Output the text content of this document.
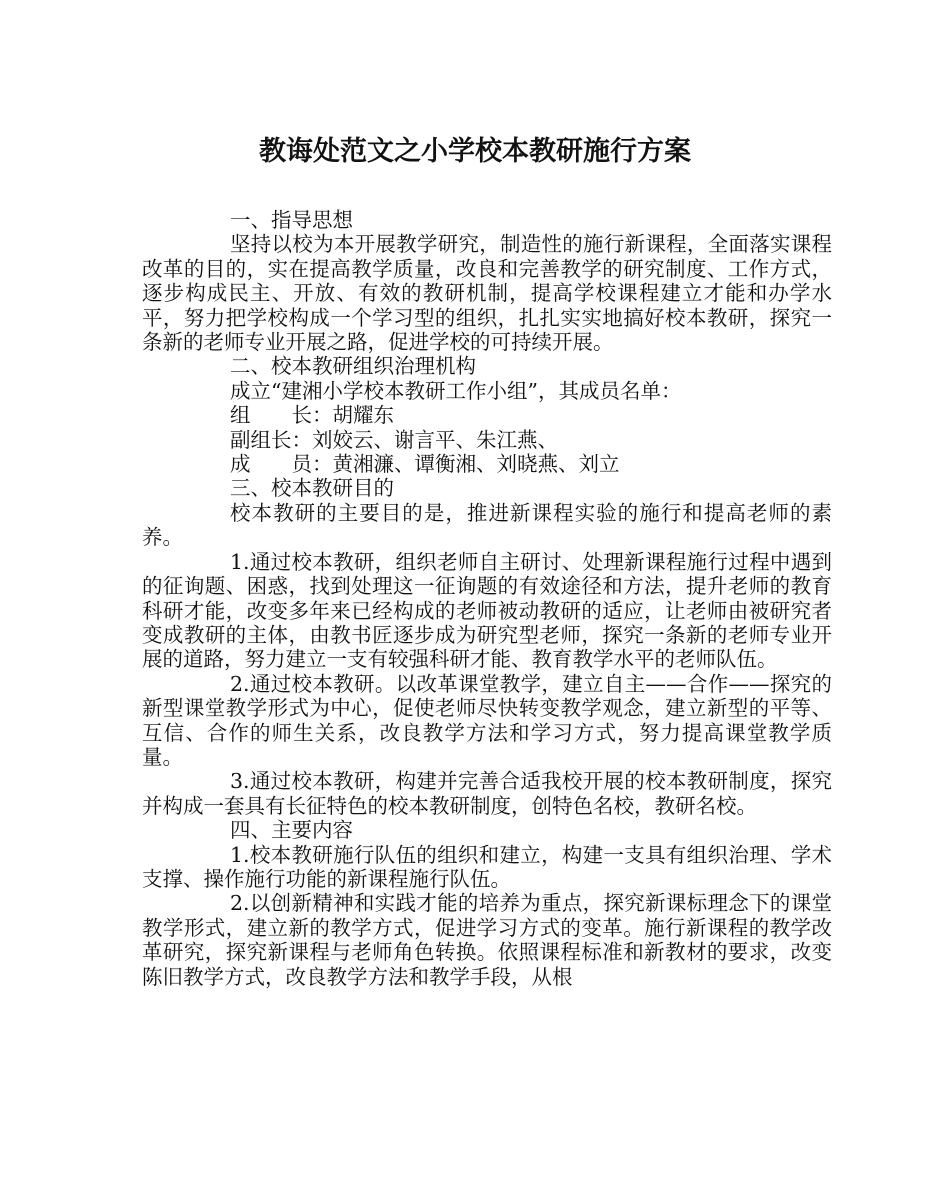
教诲处范文之小学校本教研施行方案

一、指导思想

坚持以校为本开展教学研究，制造性的施行新课程，全面落实课程改革的目的，实在提高教学质量，改良和完善教学的研究制度、工作方式，逐步构成民主、开放、有效的教研机制，提高学校课程建立才能和办学水平，努力把学校构成一个学习型的组织，扎扎实实地搞好校本教研，探究一条新的老师专业开展之路，促进学校的可持续开展。

二、校本教研组织治理机构

成立“建湘小学校本教研工作小组”，其成员名单：

组　　长：胡耀东

副组长：刘姣云、谢言平、朱江燕、

成　　员：黄湘濂、谭衡湘、刘晓燕、刘立

三、校本教研目的

校本教研的主要目的是，推进新课程实验的施行和提高老师的素养。

1.通过校本教研，组织老师自主研讨、处理新课程施行过程中遇到的征询题、困惑，找到处理这一征询题的有效途径和方法，提升老师的教育科研才能，改变多年来已经构成的老师被动教研的适应，让老师由被研究者变成教研的主体，由教书匠逐步成为研究型老师，探究一条新的老师专业开展的道路，努力建立一支有较强科研才能、教育教学水平的老师队伍。

2.通过校本教研。以改革课堂教学，建立自主——合作——探究的新型课堂教学形式为中心，促使老师尽快转变教学观念，建立新型的平等、互信、合作的师生关系，改良教学方法和学习方式，努力提高课堂教学质量。

3.通过校本教研，构建并完善合适我校开展的校本教研制度，探究并构成一套具有长征特色的校本教研制度，创特色名校，教研名校。

四、主要内容

1.校本教研施行队伍的组织和建立，构建一支具有组织治理、学术支撑、操作施行功能的新课程施行队伍。

2.以创新精神和实践才能的培养为重点，探究新课标理念下的课堂教学形式，建立新的教学方式，促进学习方式的变革。施行新课程的教学改革研究，探究新课程与老师角色转换。依照课程标准和新教材的要求，改变陈旧教学方式，改良教学方法和教学手段，从根
